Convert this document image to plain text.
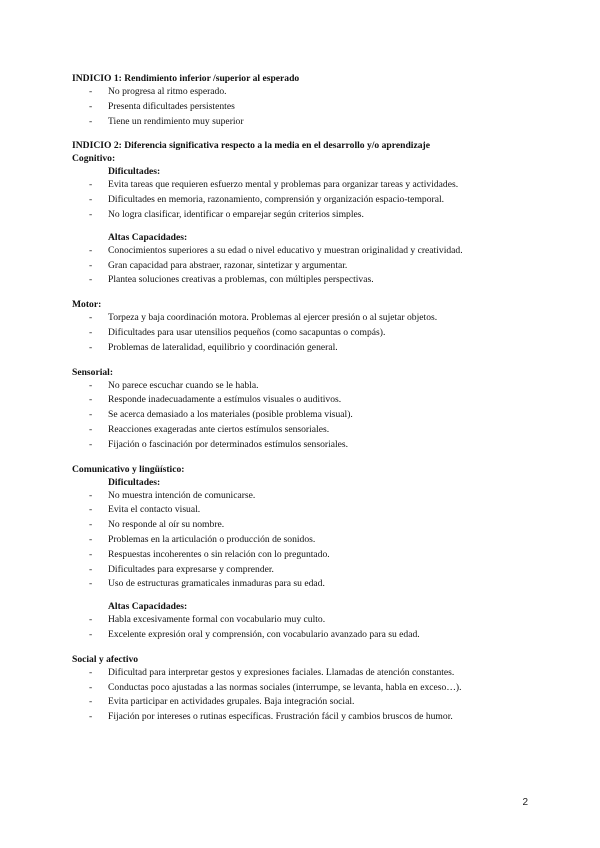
INDICIO 1: Rendimiento inferior /superior al esperado
- No progresa al ritmo esperado.
- Presenta dificultades persistentes
- Tiene un rendimiento muy superior
INDICIO 2: Diferencia significativa respecto a la media en el desarrollo y/o aprendizaje
Cognitivo:
Dificultades:
- Evita tareas que requieren esfuerzo mental y problemas para organizar tareas y actividades.
- Dificultades en memoria, razonamiento, comprensión y organización espacio-temporal.
- No logra clasificar, identificar o emparejar según criterios simples.
Altas Capacidades:
- Conocimientos superiores a su edad o nivel educativo y muestran originalidad y creatividad.
- Gran capacidad para abstraer, razonar, sintetizar y argumentar.
- Plantea soluciones creativas a problemas, con múltiples perspectivas.
Motor:
- Torpeza y baja coordinación motora. Problemas al ejercer presión o al sujetar objetos.
- Dificultades para usar utensilios pequeños (como sacapuntas o compás).
- Problemas de lateralidad, equilibrio y coordinación general.
Sensorial:
- No parece escuchar cuando se le habla.
- Responde inadecuadamente a estímulos visuales o auditivos.
- Se acerca demasiado a los materiales (posible problema visual).
- Reacciones exageradas ante ciertos estímulos sensoriales.
- Fijación o fascinación por determinados estímulos sensoriales.
Comunicativo y lingüístico:
Dificultades:
- No muestra intención de comunicarse.
- Evita el contacto visual.
- No responde al oír su nombre.
- Problemas en la articulación o producción de sonidos.
- Respuestas incoherentes o sin relación con lo preguntado.
- Dificultades para expresarse y comprender.
- Uso de estructuras gramaticales inmaduras para su edad.
Altas Capacidades:
- Habla excesivamente formal con vocabulario muy culto.
- Excelente expresión oral y comprensión, con vocabulario avanzado para su edad.
Social y afectivo
- Dificultad para interpretar gestos y expresiones faciales. Llamadas de atención constantes.
- Conductas poco ajustadas a las normas sociales (interrumpe, se levanta, habla en exceso…).
- Evita participar en actividades grupales. Baja integración social.
- Fijación por intereses o rutinas específicas. Frustración fácil y cambios bruscos de humor.
2
